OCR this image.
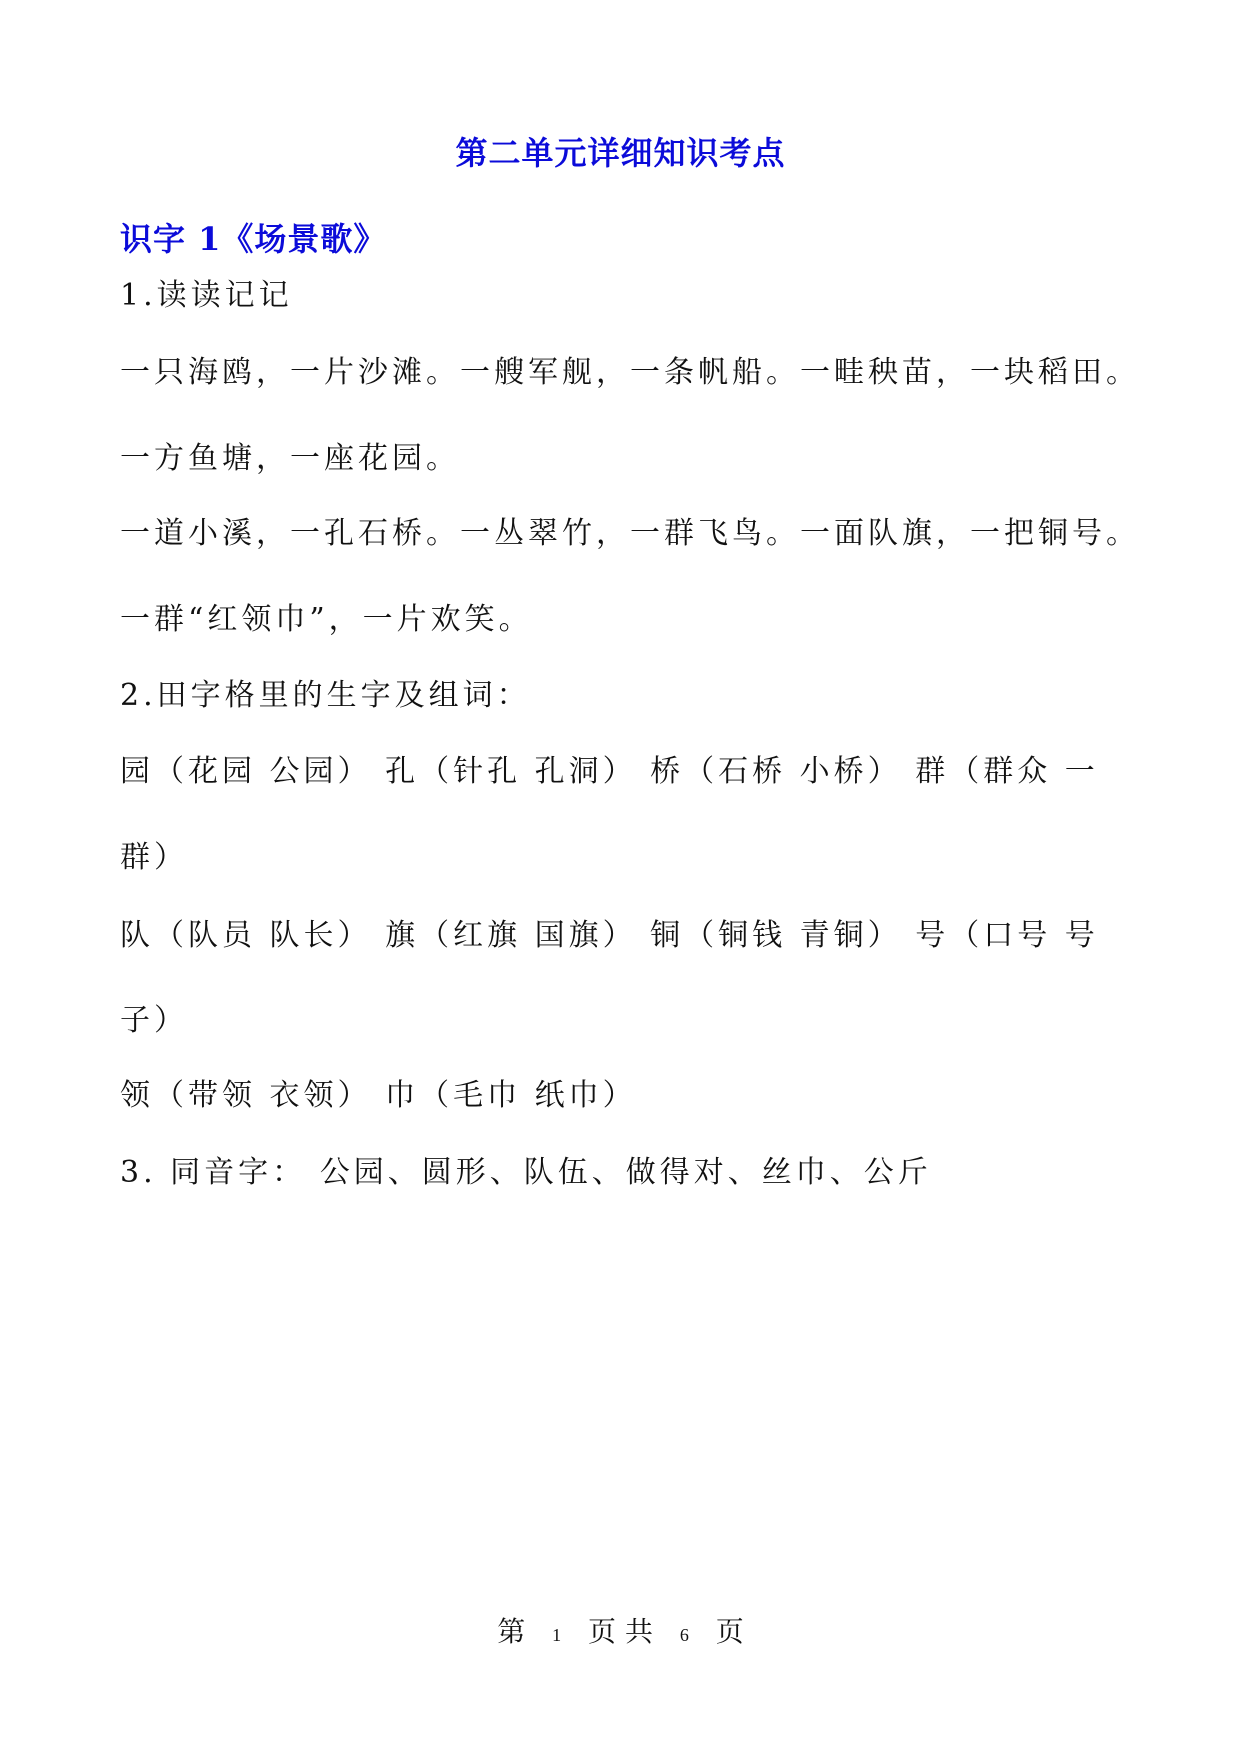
第二单元详细知识考点
识字 1《场景歌》
1.读读记记
一只海鸥，一片沙滩。一艘军舰，一条帆船。一畦秧苗，一块稻田。
一方鱼塘，一座花园。
一道小溪，一孔石桥。一丛翠竹，一群飞鸟。一面队旗，一把铜号。
一群“红领巾”，一片欢笑。
2.田字格里的生字及组词：
园（花园 公园） 孔（针孔 孔洞） 桥（石桥 小桥） 群（群众 一
群）
队（队员 队长） 旗（红旗 国旗） 铜（铜钱 青铜） 号（口号 号
子）
领（带领 衣领） 巾（毛巾 纸巾）
3. 同音字： 公园、圆形、队伍、做得对、丝巾、公斤
第 1 页 共 6 页
